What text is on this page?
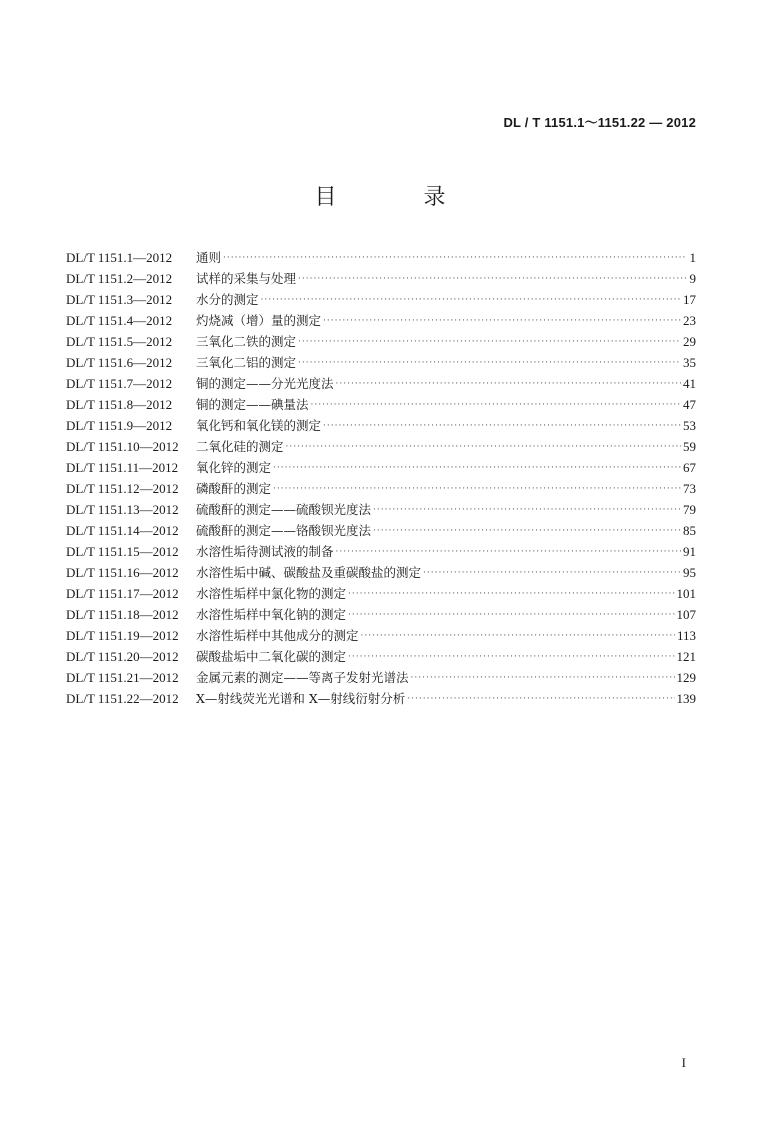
DL / T 1151.1～1151.22 — 2012
目 录
DL/T 1151.1—2012	通则 ·····	1
DL/T 1151.2—2012	试样的采集与处理 ·····	9
DL/T 1151.3—2012	水分的测定 ·····	17
DL/T 1151.4—2012	灼烧减（增）量的测定 ·····	23
DL/T 1151.5—2012	三氧化二铁的测定 ·····	29
DL/T 1151.6—2012	三氧化二铝的测定 ·····	35
DL/T 1151.7—2012	铜的测定——分光光度法 ·····	41
DL/T 1151.8—2012	铜的测定——碘量法 ·····	47
DL/T 1151.9—2012	氧化钙和氧化镁的测定 ·····	53
DL/T 1151.10—2012	二氧化硅的测定 ·····	59
DL/T 1151.11—2012	氧化锌的测定 ·····	67
DL/T 1151.12—2012	磷酸酐的测定 ·····	73
DL/T 1151.13—2012	硫酸酐的测定——硫酸钡光度法 ·····	79
DL/T 1151.14—2012	硫酸酐的测定——铬酸钡光度法 ·····	85
DL/T 1151.15—2012	水溶性垢待测试液的制备 ·····	91
DL/T 1151.16—2012	水溶性垢中碱、碳酸盐及重碳酸盐的测定 ·····	95
DL/T 1151.17—2012	水溶性垢样中氯化物的测定 ·····	101
DL/T 1151.18—2012	水溶性垢样中氧化钠的测定 ·····	107
DL/T 1151.19—2012	水溶性垢样中其他成分的测定 ·····	113
DL/T 1151.20—2012	碳酸盐垢中二氧化碳的测定 ·····	121
DL/T 1151.21—2012	金属元素的测定——等离子发射光谱法 ·····	129
DL/T 1151.22—2012	X—射线荧光光谱和 X—射线衍射分析 ·····	139
I
